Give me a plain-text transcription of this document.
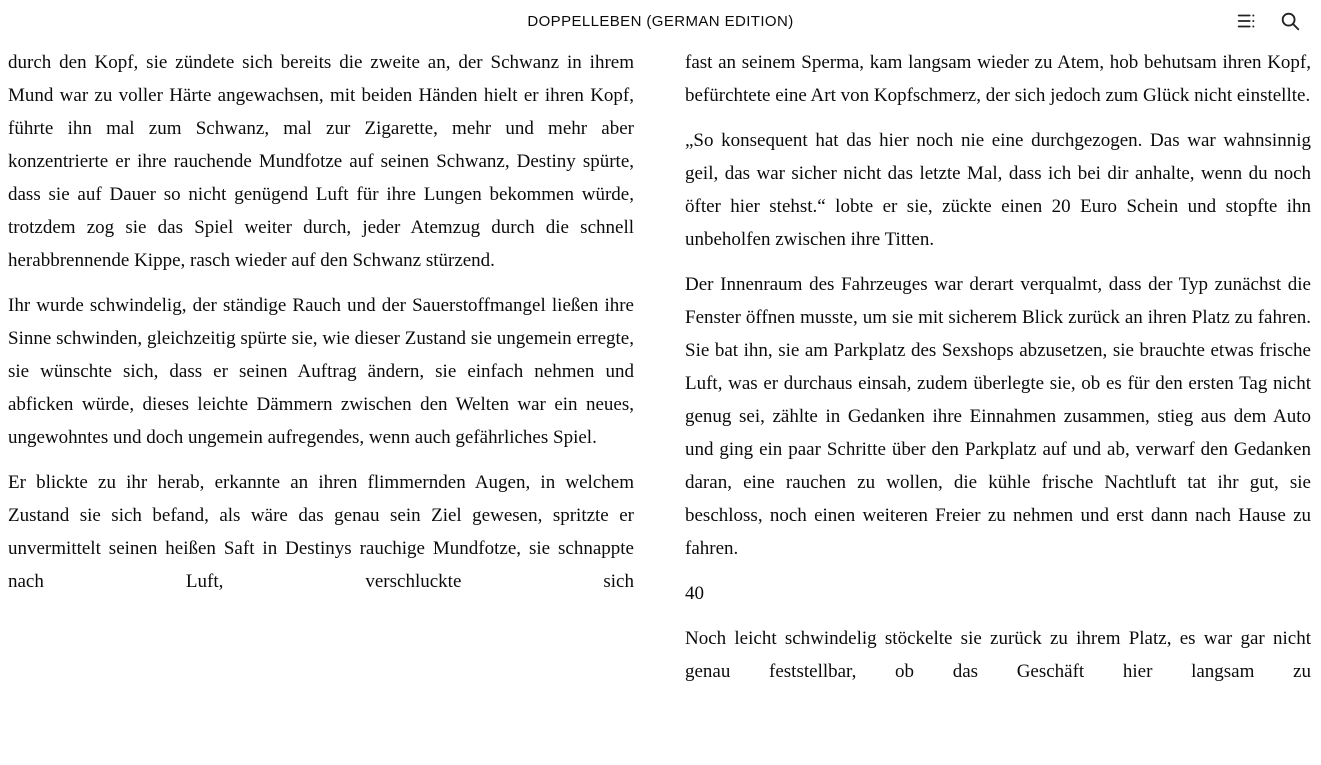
DOPPELLEBEN (GERMAN EDITION)

durch den Kopf, sie zündete sich bereits die zweite an, der Schwanz in ihrem Mund war zu voller Härte angewachsen, mit beiden Händen hielt er ihren Kopf, führte ihn mal zum Schwanz, mal zur Zigarette, mehr und mehr aber konzentrierte er ihre rauchende Mundfotze auf seinen Schwanz, Destiny spürte, dass sie auf Dauer so nicht genügend Luft für ihre Lungen bekommen würde, trotzdem zog sie das Spiel weiter durch, jeder Atemzug durch die schnell herabbrennende Kippe, rasch wieder auf den Schwanz stürzend.

Ihr wurde schwindelig, der ständige Rauch und der Sauerstoffmangel ließen ihre Sinne schwinden, gleichzeitig spürte sie, wie dieser Zustand sie ungemein erregte, sie wünschte sich, dass er seinen Auftrag ändern, sie einfach nehmen und abficken würde, dieses leichte Dämmern zwischen den Welten war ein neues, ungewohntes und doch ungemein aufregendes, wenn auch gefährliches Spiel.

Er blickte zu ihr herab, erkannte an ihren flimmernden Augen, in welchem Zustand sie sich befand, als wäre das genau sein Ziel gewesen, spritzte er unvermittelt seinen heißen Saft in Destinys rauchige Mundfotze, sie schnappte nach Luft, verschluckte sich

fast an seinem Sperma, kam langsam wieder zu Atem, hob behutsam ihren Kopf, befürchtete eine Art von Kopfschmerz, der sich jedoch zum Glück nicht einstellte.

„So konsequent hat das hier noch nie eine durchgezogen. Das war wahnsinnig geil, das war sicher nicht das letzte Mal, dass ich bei dir anhalte, wenn du noch öfter hier stehst.“ lobte er sie, zückte einen 20 Euro Schein und stopfte ihn unbeholfen zwischen ihre Titten.

Der Innenraum des Fahrzeuges war derart verqualmt, dass der Typ zunächst die Fenster öffnen musste, um sie mit sicherem Blick zurück an ihren Platz zu fahren. Sie bat ihn, sie am Parkplatz des Sexshops abzusetzen, sie brauchte etwas frische Luft, was er durchaus einsah, zudem überlegte sie, ob es für den ersten Tag nicht genug sei, zählte in Gedanken ihre Einnahmen zusammen, stieg aus dem Auto und ging ein paar Schritte über den Parkplatz auf und ab, verwarf den Gedanken daran, eine rauchen zu wollen, die kühle frische Nachtluft tat ihr gut, sie beschloss, noch einen weiteren Freier zu nehmen und erst dann nach Hause zu fahren.

40

Noch leicht schwindelig stöckelte sie zurück zu ihrem Platz, es war gar nicht genau feststellbar, ob das Geschäft hier langsam zu
